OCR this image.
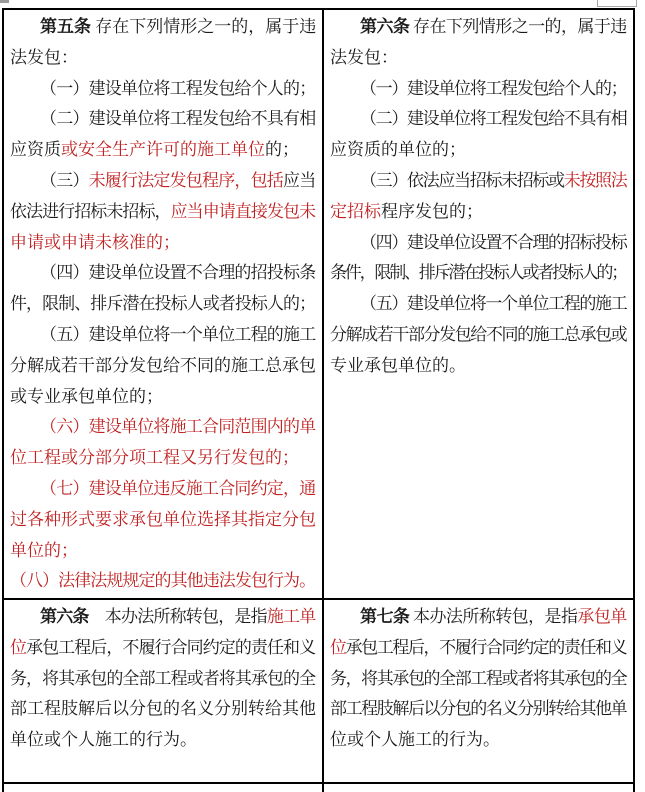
第五条 存在下列情形之一的，属于违
法发包：
（一）建设单位将工程发包给个人的；
（二）建设单位将工程发包给不具有相
应资质或安全生产许可的施工单位的；
（三）未履行法定发包程序，包括应当
依法进行招标未招标，应当申请直接发包未
申请或申请未核准的；
（四）建设单位设置不合理的招投标条
件，限制、排斥潜在投标人或者投标人的；
（五）建设单位将一个单位工程的施工
分解成若干部分发包给不同的施工总承包
或专业承包单位的；
（六）建设单位将施工合同范围内的单
位工程或分部分项工程又另行发包的；
（七）建设单位违反施工合同约定，通
过各种形式要求承包单位选择其指定分包
单位的；
（八）法律法规规定的其他违法发包行为。
第六条 存在下列情形之一的，属于违
法发包：
（一）建设单位将工程发包给个人的；
（二）建设单位将工程发包给不具有相
应资质的单位的；
（三）依法应当招标未招标或未按照法
定招标程序发包的；
（四）建设单位设置不合理的招标投标
条件，限制、排斥潜在投标人或者投标人的；
（五）建设单位将一个单位工程的施工
分解成若干部分发包给不同的施工总承包或
专业承包单位的。
第六条　本办法所称转包，是指施工单
位承包工程后，不履行合同约定的责任和义
务，将其承包的全部工程或者将其承包的全
部工程肢解后以分包的名义分别转给其他
单位或个人施工的行为。
第七条 本办法所称转包，是指承包单
位承包工程后，不履行合同约定的责任和义
务，将其承包的全部工程或者将其承包的全
部工程肢解后以分包的名义分别转给其他单
位或个人施工的行为。
